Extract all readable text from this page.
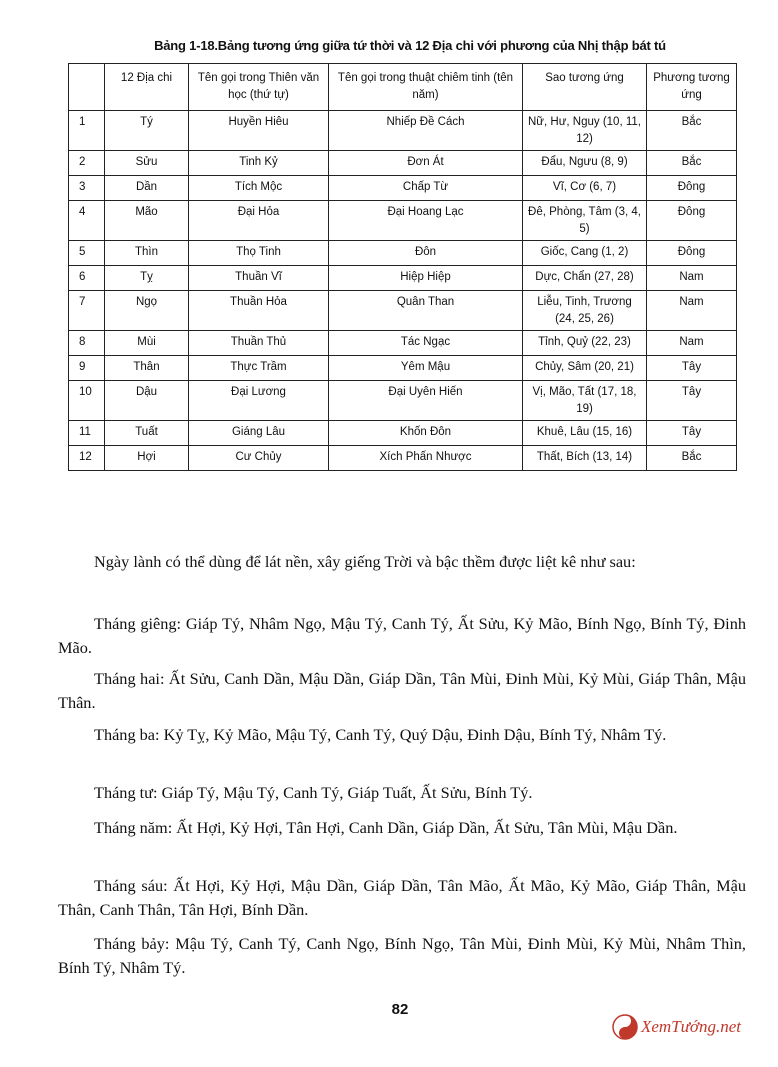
Bảng 1-18.Bảng tương ứng giữa tứ thời và 12 Địa chi với phương của Nhị thập bát tú
	12 Địa chi	Tên gọi trong Thiên văn học (thứ tự)	Tên gọi trong thuật chiêm tinh (tên năm)	Sao tương ứng	Phương tương ứng
1	Tý	Huyền Hiêu	Nhiếp Đề Cách	Nữ, Hư, Nguy (10, 11, 12)	Bắc
2	Sửu	Tinh Kỷ	Đơn Át	Đẩu, Ngưu (8, 9)	Bắc
3	Dần	Tích Mộc	Chấp Từ	Vĩ, Cơ (6, 7)	Đông
4	Mão	Đại Hỏa	Đại Hoang Lạc	Đê, Phòng, Tâm (3, 4, 5)	Đông
5	Thìn	Thọ Tinh	Đôn	Giốc, Cang (1, 2)	Đông
6	Tỵ	Thuần Vĩ	Hiệp Hiệp	Dực, Chẩn (27, 28)	Nam
7	Ngọ	Thuần Hỏa	Quân Than	Liễu, Tinh, Trương (24, 25, 26)	Nam
8	Mùi	Thuần Thủ	Tác Ngạc	Tỉnh, Quỷ (22, 23)	Nam
9	Thân	Thực Trầm	Yêm Mậu	Chủy, Sâm (20, 21)	Tây
10	Dậu	Đại Lương	Đại Uyên Hiến	Vị, Mão, Tất (17, 18, 19)	Tây
11	Tuất	Giáng Lâu	Khốn Đôn	Khuê, Lâu (15, 16)	Tây
12	Hợi	Cư Chủy	Xích Phấn Nhược	Thất, Bích (13, 14)	Bắc
Ngày lành có thể dùng để lát nền, xây giếng Trời và bậc thềm được liệt kê như sau:
Tháng giêng: Giáp Tý, Nhâm Ngọ, Mậu Tý, Canh Tý, Ất Sửu, Kỷ Mão, Bính Ngọ, Bính Tý, Đinh Mão.
Tháng hai: Ất Sửu, Canh Dần, Mậu Dần, Giáp Dần, Tân Mùi, Đinh Mùi, Kỷ Mùi, Giáp Thân, Mậu Thân.
Tháng ba: Kỷ Tỵ, Kỷ Mão, Mậu Tý, Canh Tý, Quý Dậu, Đinh Dậu, Bính Tý, Nhâm Tý.
Tháng tư: Giáp Tý, Mậu Tý, Canh Tý, Giáp Tuất, Ất Sửu, Bính Tý.
Tháng năm: Ất Hợi, Kỷ Hợi, Tân Hợi, Canh Dần, Giáp Dần, Ất Sửu, Tân Mùi, Mậu Dần.
Tháng sáu: Ất Hợi, Kỷ Hợi, Mậu Dần, Giáp Dần, Tân Mão, Ất Mão, Kỷ Mão, Giáp Thân, Mậu Thân, Canh Thân, Tân Hợi, Bính Dần.
Tháng bảy: Mậu Tý, Canh Tý, Canh Ngọ, Bính Ngọ, Tân Mùi, Đinh Mùi, Kỷ Mùi, Nhâm Thìn, Bính Tý, Nhâm Tý.
82
XemTướng.net
